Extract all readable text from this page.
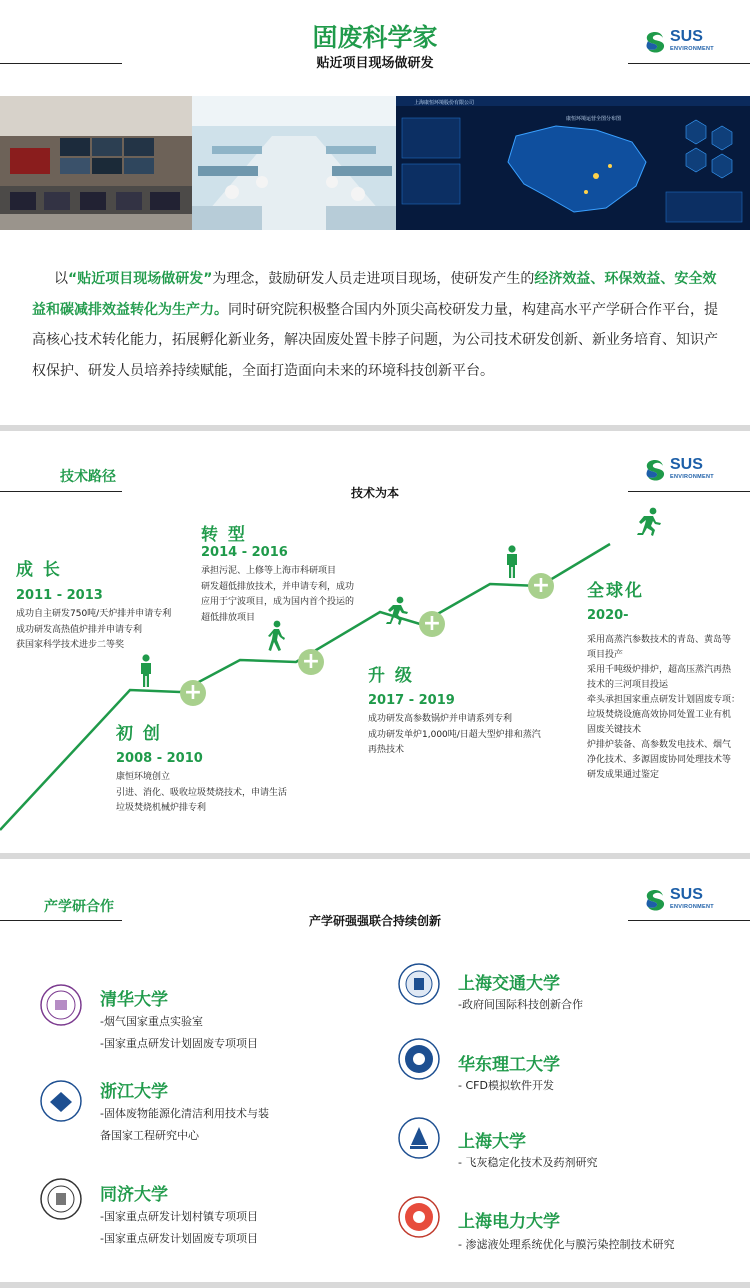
固废科学家
贴近项目现场做研发
SUS
ENVIRONMENT
上海康恒环境股份有限公司
康恒环境运营全图分布图
以“贴近项目现场做研发”为理念，鼓励研发人员走进项目现场，使研发产生的经济效益、环保效益、安全效益和碳减排效益转化为生产力。同时研究院积极整合国内外顶尖高校研发力量，构建高水平产学研合作平台，提高核心技术转化能力，拓展孵化新业务，解决固废处置卡脖子问题，为公司技术研发创新、新业务培育、知识产权保护、研发人员培养持续赋能，全面打造面向未来的环境科技创新平台。
技术路径
技术为本
SUS
ENVIRONMENT
+
+
+
+
初 创
2008 - 2010
康恒环境创立
引进、消化、吸收垃圾焚烧技术，申请生活
垃圾焚烧机械炉排专利
成 长
2011 - 2013
成功自主研发750吨/天炉排并申请专利
成功研发高热值炉排并申请专利
获国家科学技术进步二等奖
转 型
2014 - 2016
承担污泥、上修等上海市科研项目
研发超低排放技术，并申请专利，成功
应用于宁波项目，成为国内首个投运的
超低排放项目
升 级
2017 - 2019
成功研发高参数锅炉并申请系列专利
成功研发单炉1,000吨/日超大型炉排和蒸汽
再热技术
全球化
2020-
采用高蒸汽参数技术的青岛、黄岛等
项目投产
采用千吨级炉排炉，超高压蒸汽再热
技术的三河项目投运
牵头承担国家重点研发计划固废专项：
垃圾焚烧设施高效协同处置工业有机
固废关键技术
炉排炉装备、高参数发电技术、烟气
净化技术、多源固废协同处理技术等
研发成果通过鉴定
产学研合作
产学研强强联合持续创新
SUS
ENVIRONMENT
清华大学
-烟气国家重点实验室
-国家重点研发计划固废专项项目
浙江大学
-固体废物能源化清洁利用技术与装
备国家工程研究中心
同济大学
-国家重点研发计划村镇专项项目
-国家重点研发计划固废专项项目
上海交通大学
-政府间国际科技创新合作
华东理工大学
- CFD模拟软件开发
上海大学
- 飞灰稳定化技术及药剂研究
上海电力大学
- 渗滤液处理系统优化与膜污染控制技术研究
